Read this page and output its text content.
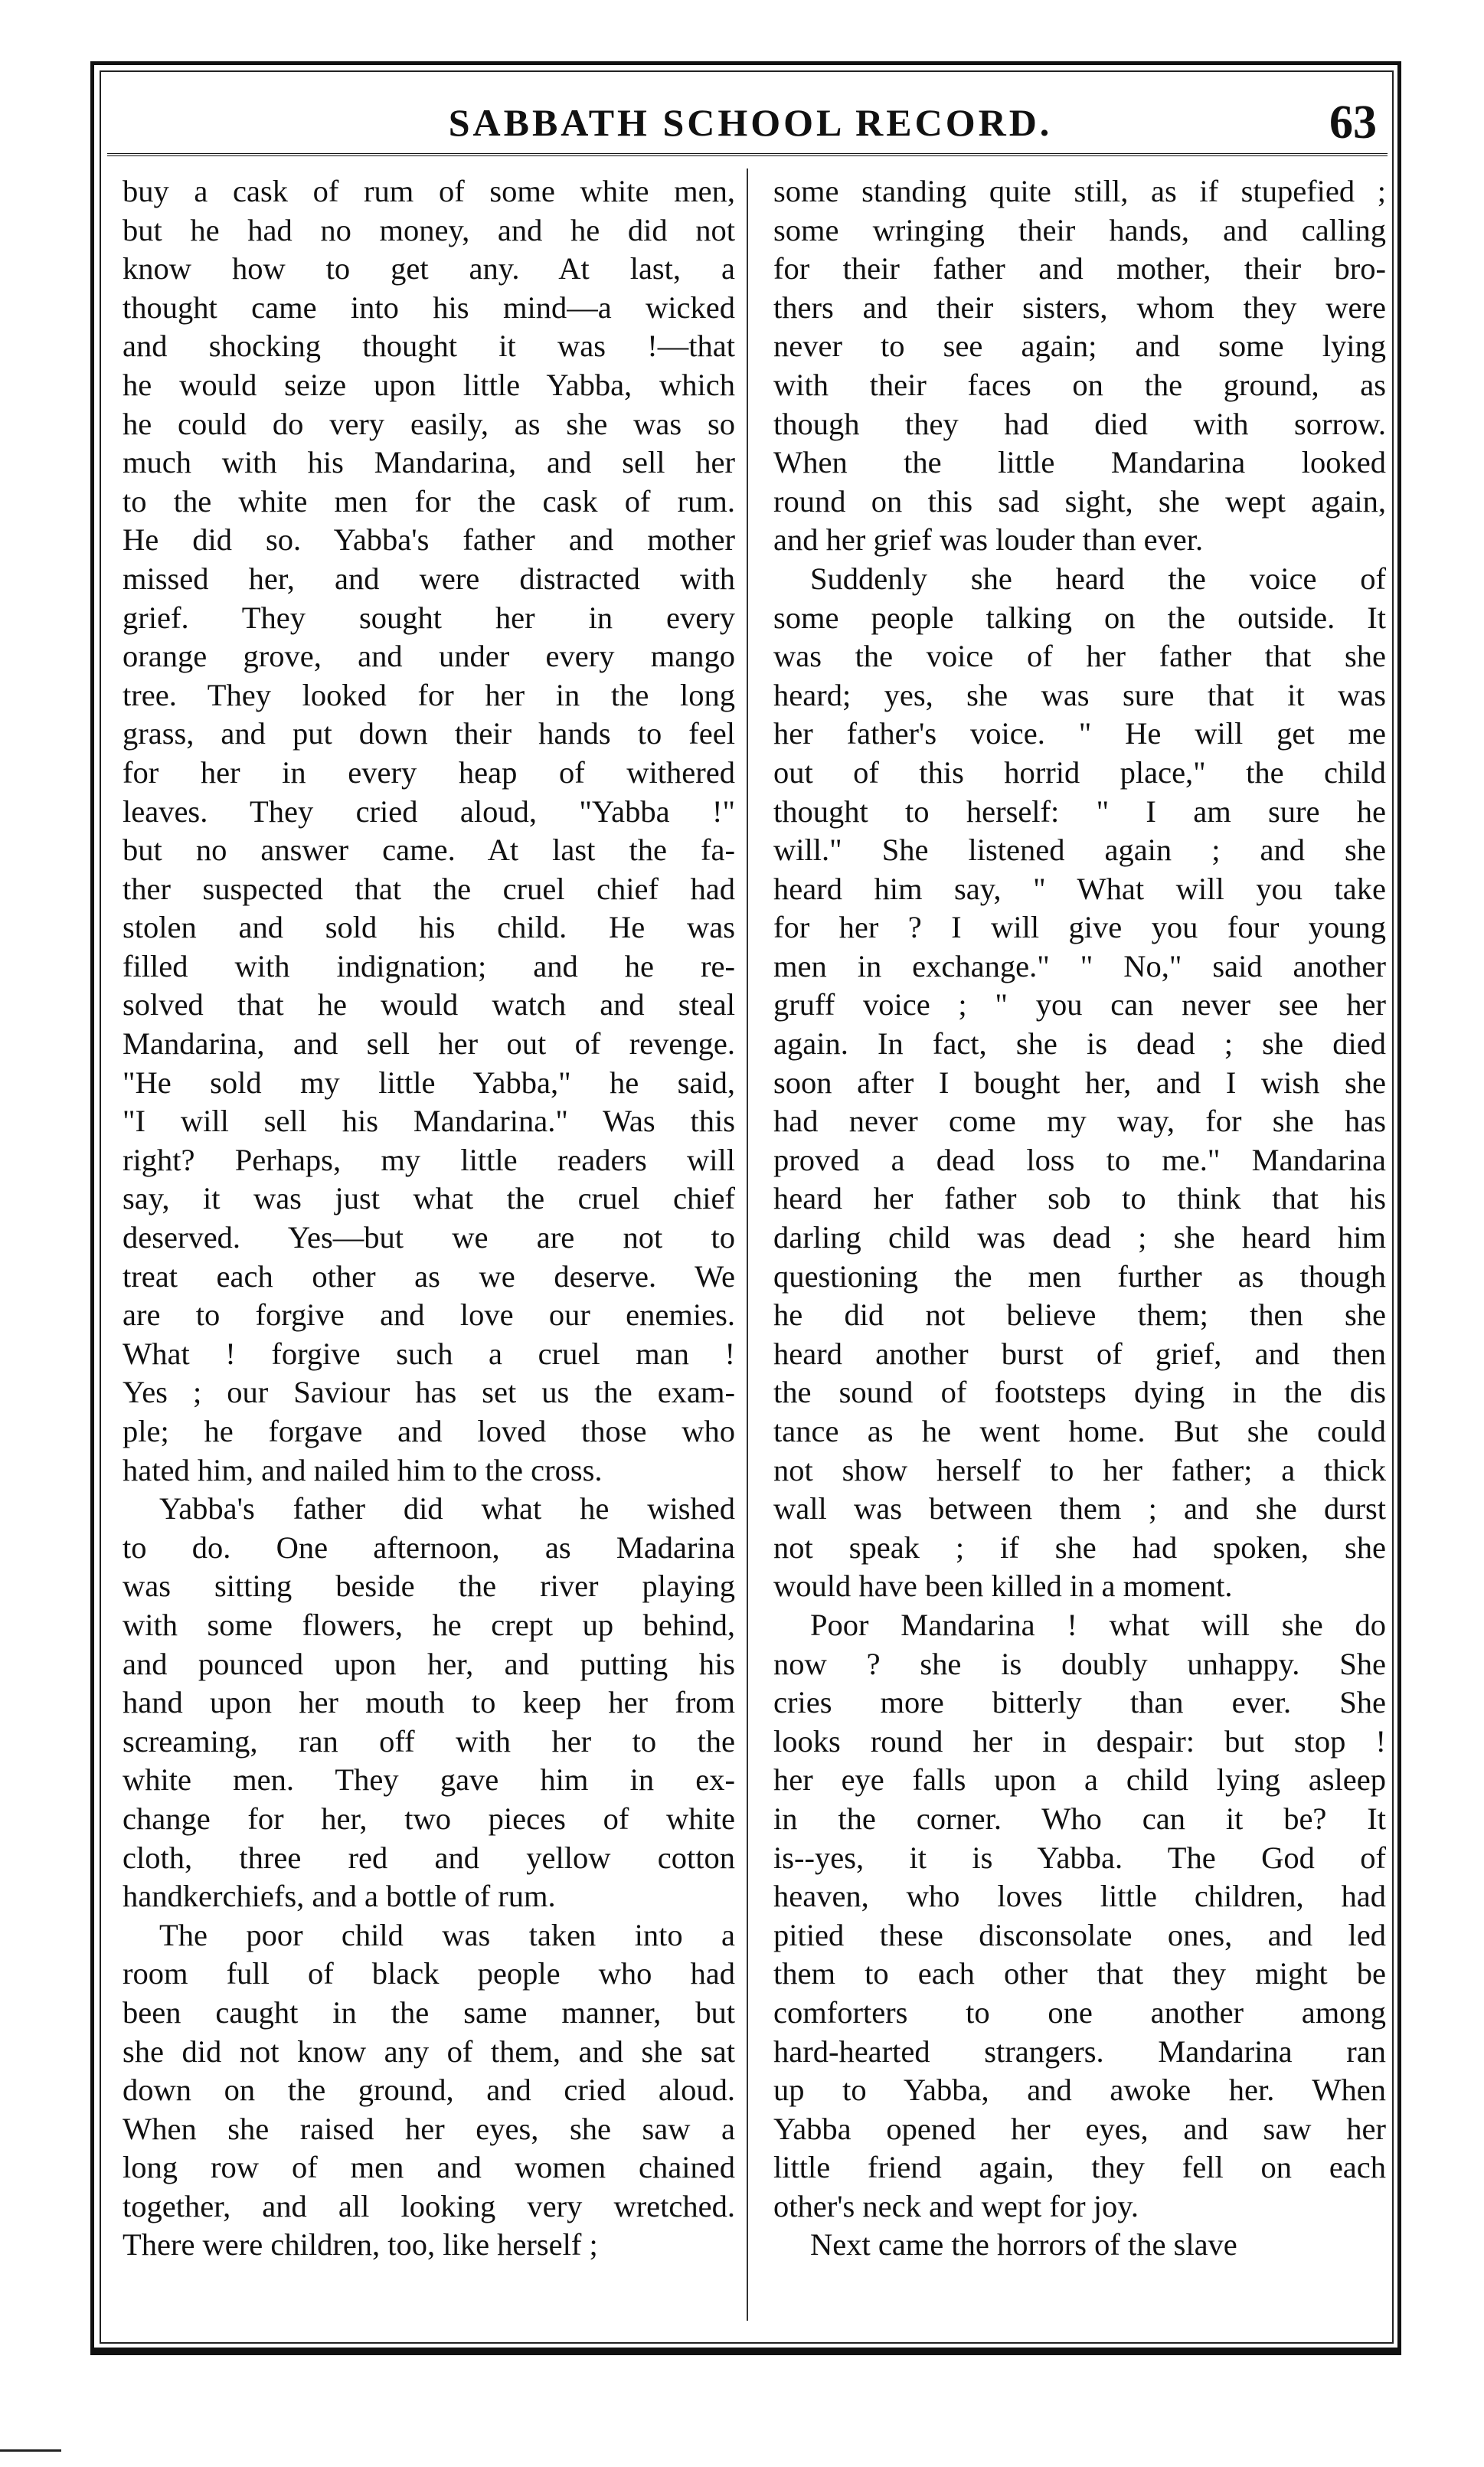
SABBATH SCHOOL RECORD.	63

buy a cask of rum of some white men,
but he had no money, and he did not
know how to get any. At last, a
thought came into his mind—a wicked
and shocking thought it was !—that
he would seize upon little Yabba, which
he could do very easily, as she was so
much with his Mandarina, and sell her
to the white men for the cask of rum.
He did so. Yabba's father and mother
missed her, and were distracted with
grief. They sought her in every
orange grove, and under every mango
tree. They looked for her in the long
grass, and put down their hands to feel
for her in every heap of withered
leaves. They cried aloud, "Yabba !"
but no answer came. At last the fa-
ther suspected that the cruel chief had
stolen and sold his child. He was
filled with indignation; and he re-
solved that he would watch and steal
Mandarina, and sell her out of revenge.
"He sold my little Yabba," he said,
"I will sell his Mandarina." Was this
right? Perhaps, my little readers will
say, it was just what the cruel chief
deserved. Yes—but we are not to
treat each other as we deserve. We
are to forgive and love our enemies.
What ! forgive such a cruel man !
Yes ; our Saviour has set us the exam-
ple; he forgave and loved those who
hated him, and nailed him to the cross.

Yabba's father did what he wished
to do. One afternoon, as Madarina
was sitting beside the river playing
with some flowers, he crept up behind,
and pounced upon her, and putting his
hand upon her mouth to keep her from
screaming, ran off with her to the
white men. They gave him in ex-
change for her, two pieces of white
cloth, three red and yellow cotton
handkerchiefs, and a bottle of rum.

The poor child was taken into a
room full of black people who had
been caught in the same manner, but
she did not know any of them, and she sat
down on the ground, and cried aloud.
When she raised her eyes, she saw a
long row of men and women chained
together, and all looking very wretched.
There were children, too, like herself ;

some standing quite still, as if stupefied ;
some wringing their hands, and calling
for their father and mother, their bro-
thers and their sisters, whom they were
never to see again; and some lying
with their faces on the ground, as
though they had died with sorrow.
When the little Mandarina looked
round on this sad sight, she wept again,
and her grief was louder than ever.

Suddenly she heard the voice of
some people talking on the outside. It
was the voice of her father that she
heard; yes, she was sure that it was
her father's voice. " He will get me
out of this horrid place," the child
thought to herself: " I am sure he
will." She listened again ; and she
heard him say, " What will you take
for her ? I will give you four young
men in exchange." " No," said another
gruff voice ; " you can never see her
again. In fact, she is dead ; she died
soon after I bought her, and I wish she
had never come my way, for she has
proved a dead loss to me." Mandarina
heard her father sob to think that his
darling child was dead ; she heard him
questioning the men further as though
he did not believe them; then she
heard another burst of grief, and then
the sound of footsteps dying in the dis
tance as he went home. But she could
not show herself to her father; a thick
wall was between them ; and she durst
not speak ; if she had spoken, she
would have been killed in a moment.

Poor Mandarina ! what will she do
now ? she is doubly unhappy. She
cries more bitterly than ever. She
looks round her in despair: but stop !
her eye falls upon a child lying asleep
in the corner. Who can it be? It
is--yes, it is Yabba. The God of
heaven, who loves little children, had
pitied these disconsolate ones, and led
them to each other that they might be
comforters to one another among
hard-hearted strangers. Mandarina ran
up to Yabba, and awoke her. When
Yabba opened her eyes, and saw her
little friend again, they fell on each
other's neck and wept for joy.

Next came the horrors of the slave
